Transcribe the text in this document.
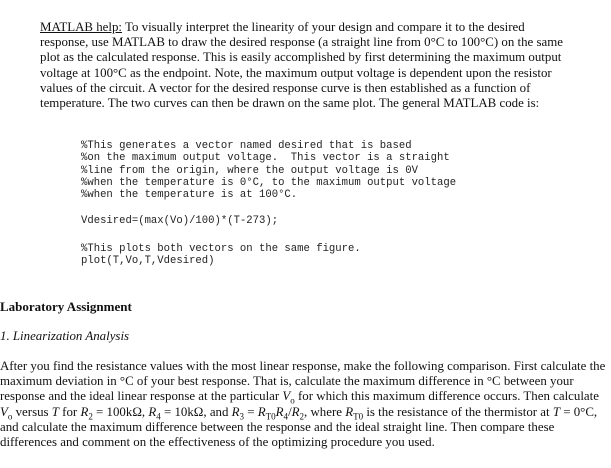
MATLAB help: To visually interpret the linearity of your design and compare it to the desired response, use MATLAB to draw the desired response (a straight line from 0°C to 100°C) on the same plot as the calculated response. This is easily accomplished by first determining the maximum output voltage at 100°C as the endpoint. Note, the maximum output voltage is dependent upon the resistor values of the circuit. A vector for the desired response curve is then established as a function of temperature. The two curves can then be drawn on the same plot. The general MATLAB code is:

%This generates a vector named desired that is based
%on the maximum output voltage.  This vector is a straight
%line from the origin, where the output voltage is 0V
%when the temperature is 0°C, to the maximum output voltage
%when the temperature is at 100°C.
Vdesired=(max(Vo)/100)*(T-273);
%This plots both vectors on the same figure.
plot(T,Vo,T,Vdesired)

Laboratory Assignment

1. Linearization Analysis

After you find the resistance values with the most linear response, make the following comparison. First calculate the maximum deviation in °C of your best response. That is, calculate the maximum difference in °C between your response and the ideal linear response at the particular $V_o$ for which this maximum difference occurs. Then calculate $V_o$ versus T for $R_2 = 100k\Omega$, $R_4 = 10k\Omega$, and $R_3 = R_{T0}R_4/R_2$, where $R_{T0}$ is the resistance of the thermistor at T = 0°C, and calculate the maximum difference between the response and the ideal straight line. Then compare these differences and comment on the effectiveness of the optimizing procedure you used.
